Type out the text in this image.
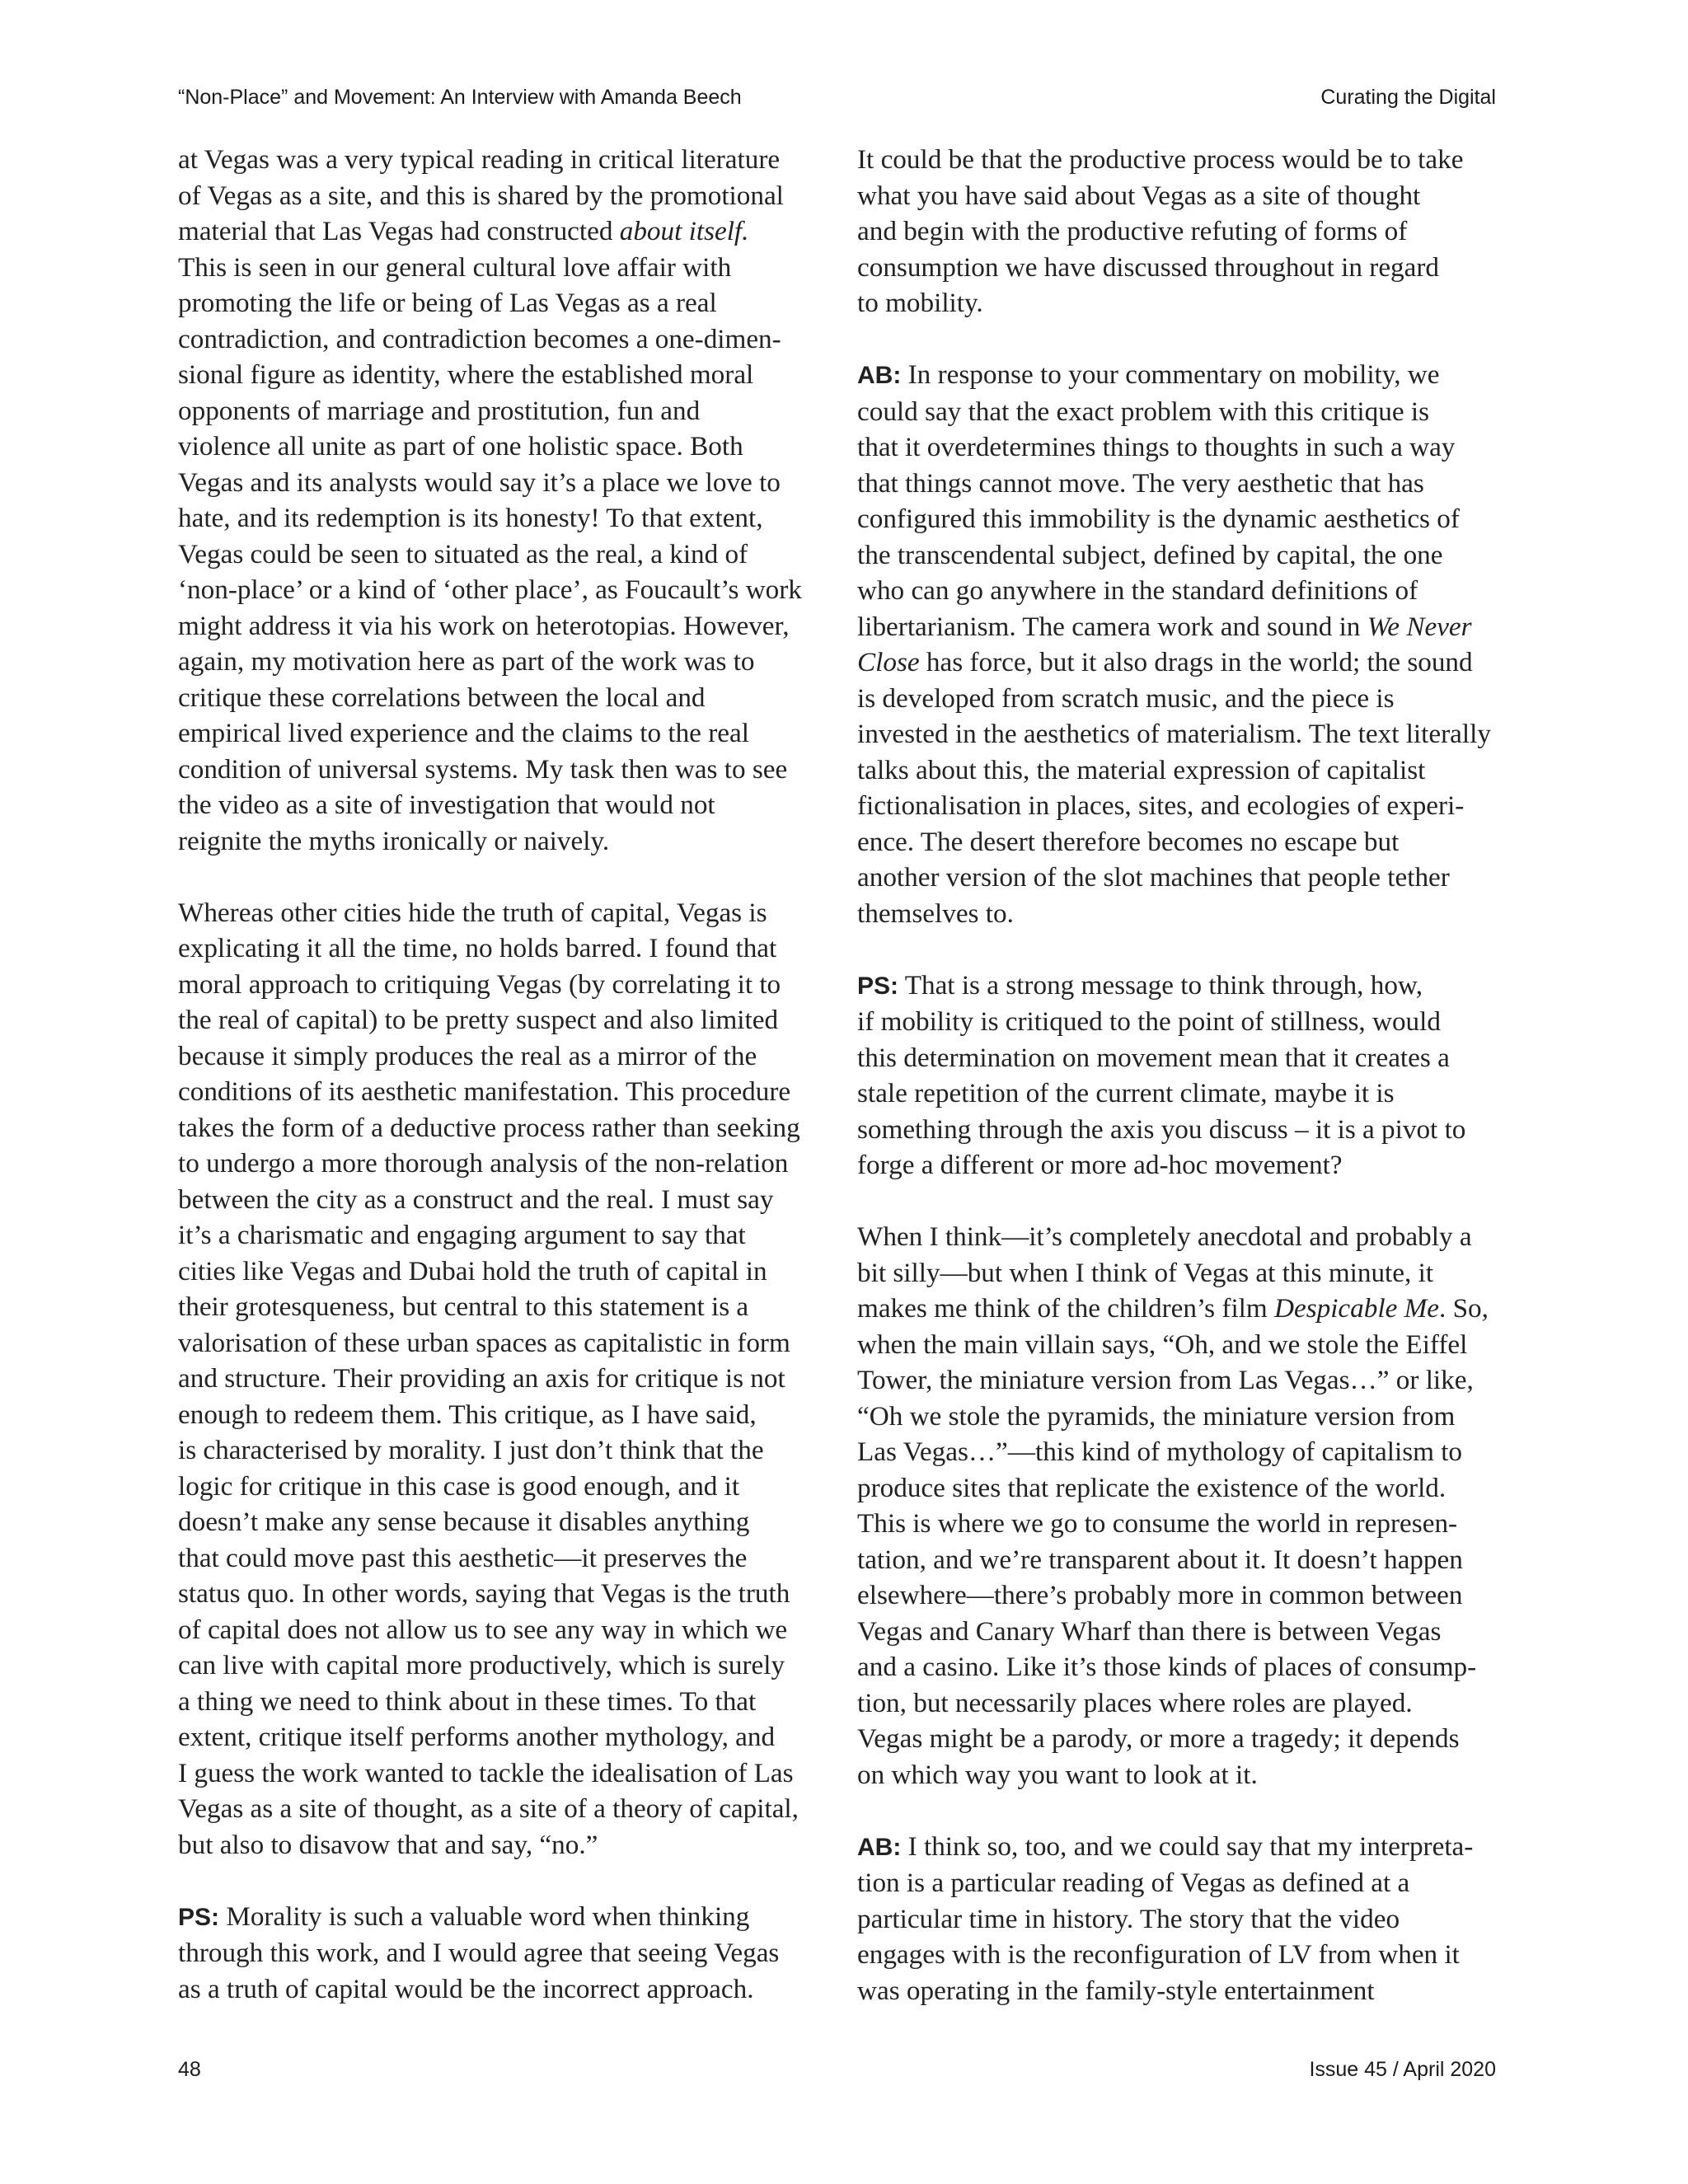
“Non-Place” and Movement: An Interview with Amanda Beech	Curating the Digital

at Vegas was a very typical reading in critical literature
of Vegas as a site, and this is shared by the promotional
material that Las Vegas had constructed about itself.
This is seen in our general cultural love affair with
promoting the life or being of Las Vegas as a real
contradiction, and contradiction becomes a one-dimen-
sional figure as identity, where the established moral
opponents of marriage and prostitution, fun and
violence all unite as part of one holistic space. Both
Vegas and its analysts would say it’s a place we love to
hate, and its redemption is its honesty! To that extent,
Vegas could be seen to situated as the real, a kind of
‘non-place’ or a kind of ‘other place’, as Foucault’s work
might address it via his work on heterotopias. However,
again, my motivation here as part of the work was to
critique these correlations between the local and
empirical lived experience and the claims to the real
condition of universal systems. My task then was to see
the video as a site of investigation that would not
reignite the myths ironically or naively.

Whereas other cities hide the truth of capital, Vegas is
explicating it all the time, no holds barred. I found that
moral approach to critiquing Vegas (by correlating it to
the real of capital) to be pretty suspect and also limited
because it simply produces the real as a mirror of the
conditions of its aesthetic manifestation. This procedure
takes the form of a deductive process rather than seeking
to undergo a more thorough analysis of the non-relation
between the city as a construct and the real. I must say
it’s a charismatic and engaging argument to say that
cities like Vegas and Dubai hold the truth of capital in
their grotesqueness, but central to this statement is a
valorisation of these urban spaces as capitalistic in form
and structure. Their providing an axis for critique is not
enough to redeem them. This critique, as I have said,
is characterised by morality. I just don’t think that the
logic for critique in this case is good enough, and it
doesn’t make any sense because it disables anything
that could move past this aesthetic—it preserves the
status quo. In other words, saying that Vegas is the truth
of capital does not allow us to see any way in which we
can live with capital more productively, which is surely
a thing we need to think about in these times. To that
extent, critique itself performs another mythology, and
I guess the work wanted to tackle the idealisation of Las
Vegas as a site of thought, as a site of a theory of capital,
but also to disavow that and say, “no.”

PS: Morality is such a valuable word when thinking
through this work, and I would agree that seeing Vegas
as a truth of capital would be the incorrect approach.

It could be that the productive process would be to take
what you have said about Vegas as a site of thought
and begin with the productive refuting of forms of
consumption we have discussed throughout in regard
to mobility.

AB: In response to your commentary on mobility, we
could say that the exact problem with this critique is
that it overdetermines things to thoughts in such a way
that things cannot move. The very aesthetic that has
configured this immobility is the dynamic aesthetics of
the transcendental subject, defined by capital, the one
who can go anywhere in the standard definitions of
libertarianism. The camera work and sound in We Never
Close has force, but it also drags in the world; the sound
is developed from scratch music, and the piece is
invested in the aesthetics of materialism. The text literally
talks about this, the material expression of capitalist
fictionalisation in places, sites, and ecologies of experi-
ence. The desert therefore becomes no escape but
another version of the slot machines that people tether
themselves to.

PS: That is a strong message to think through, how,
if mobility is critiqued to the point of stillness, would
this determination on movement mean that it creates a
stale repetition of the current climate, maybe it is
something through the axis you discuss – it is a pivot to
forge a different or more ad-hoc movement?

When I think—it’s completely anecdotal and probably a
bit silly—but when I think of Vegas at this minute, it
makes me think of the children’s film Despicable Me. So,
when the main villain says, “Oh, and we stole the Eiffel
Tower, the miniature version from Las Vegas…” or like,
“Oh we stole the pyramids, the miniature version from
Las Vegas…”—this kind of mythology of capitalism to
produce sites that replicate the existence of the world.
This is where we go to consume the world in represen-
tation, and we’re transparent about it. It doesn’t happen
elsewhere—there’s probably more in common between
Vegas and Canary Wharf than there is between Vegas
and a casino. Like it’s those kinds of places of consump-
tion, but necessarily places where roles are played.
Vegas might be a parody, or more a tragedy; it depends
on which way you want to look at it.

AB: I think so, too, and we could say that my interpreta-
tion is a particular reading of Vegas as defined at a
particular time in history. The story that the video
engages with is the reconfiguration of LV from when it
was operating in the family-style entertainment

48	Issue 45 / April 2020
